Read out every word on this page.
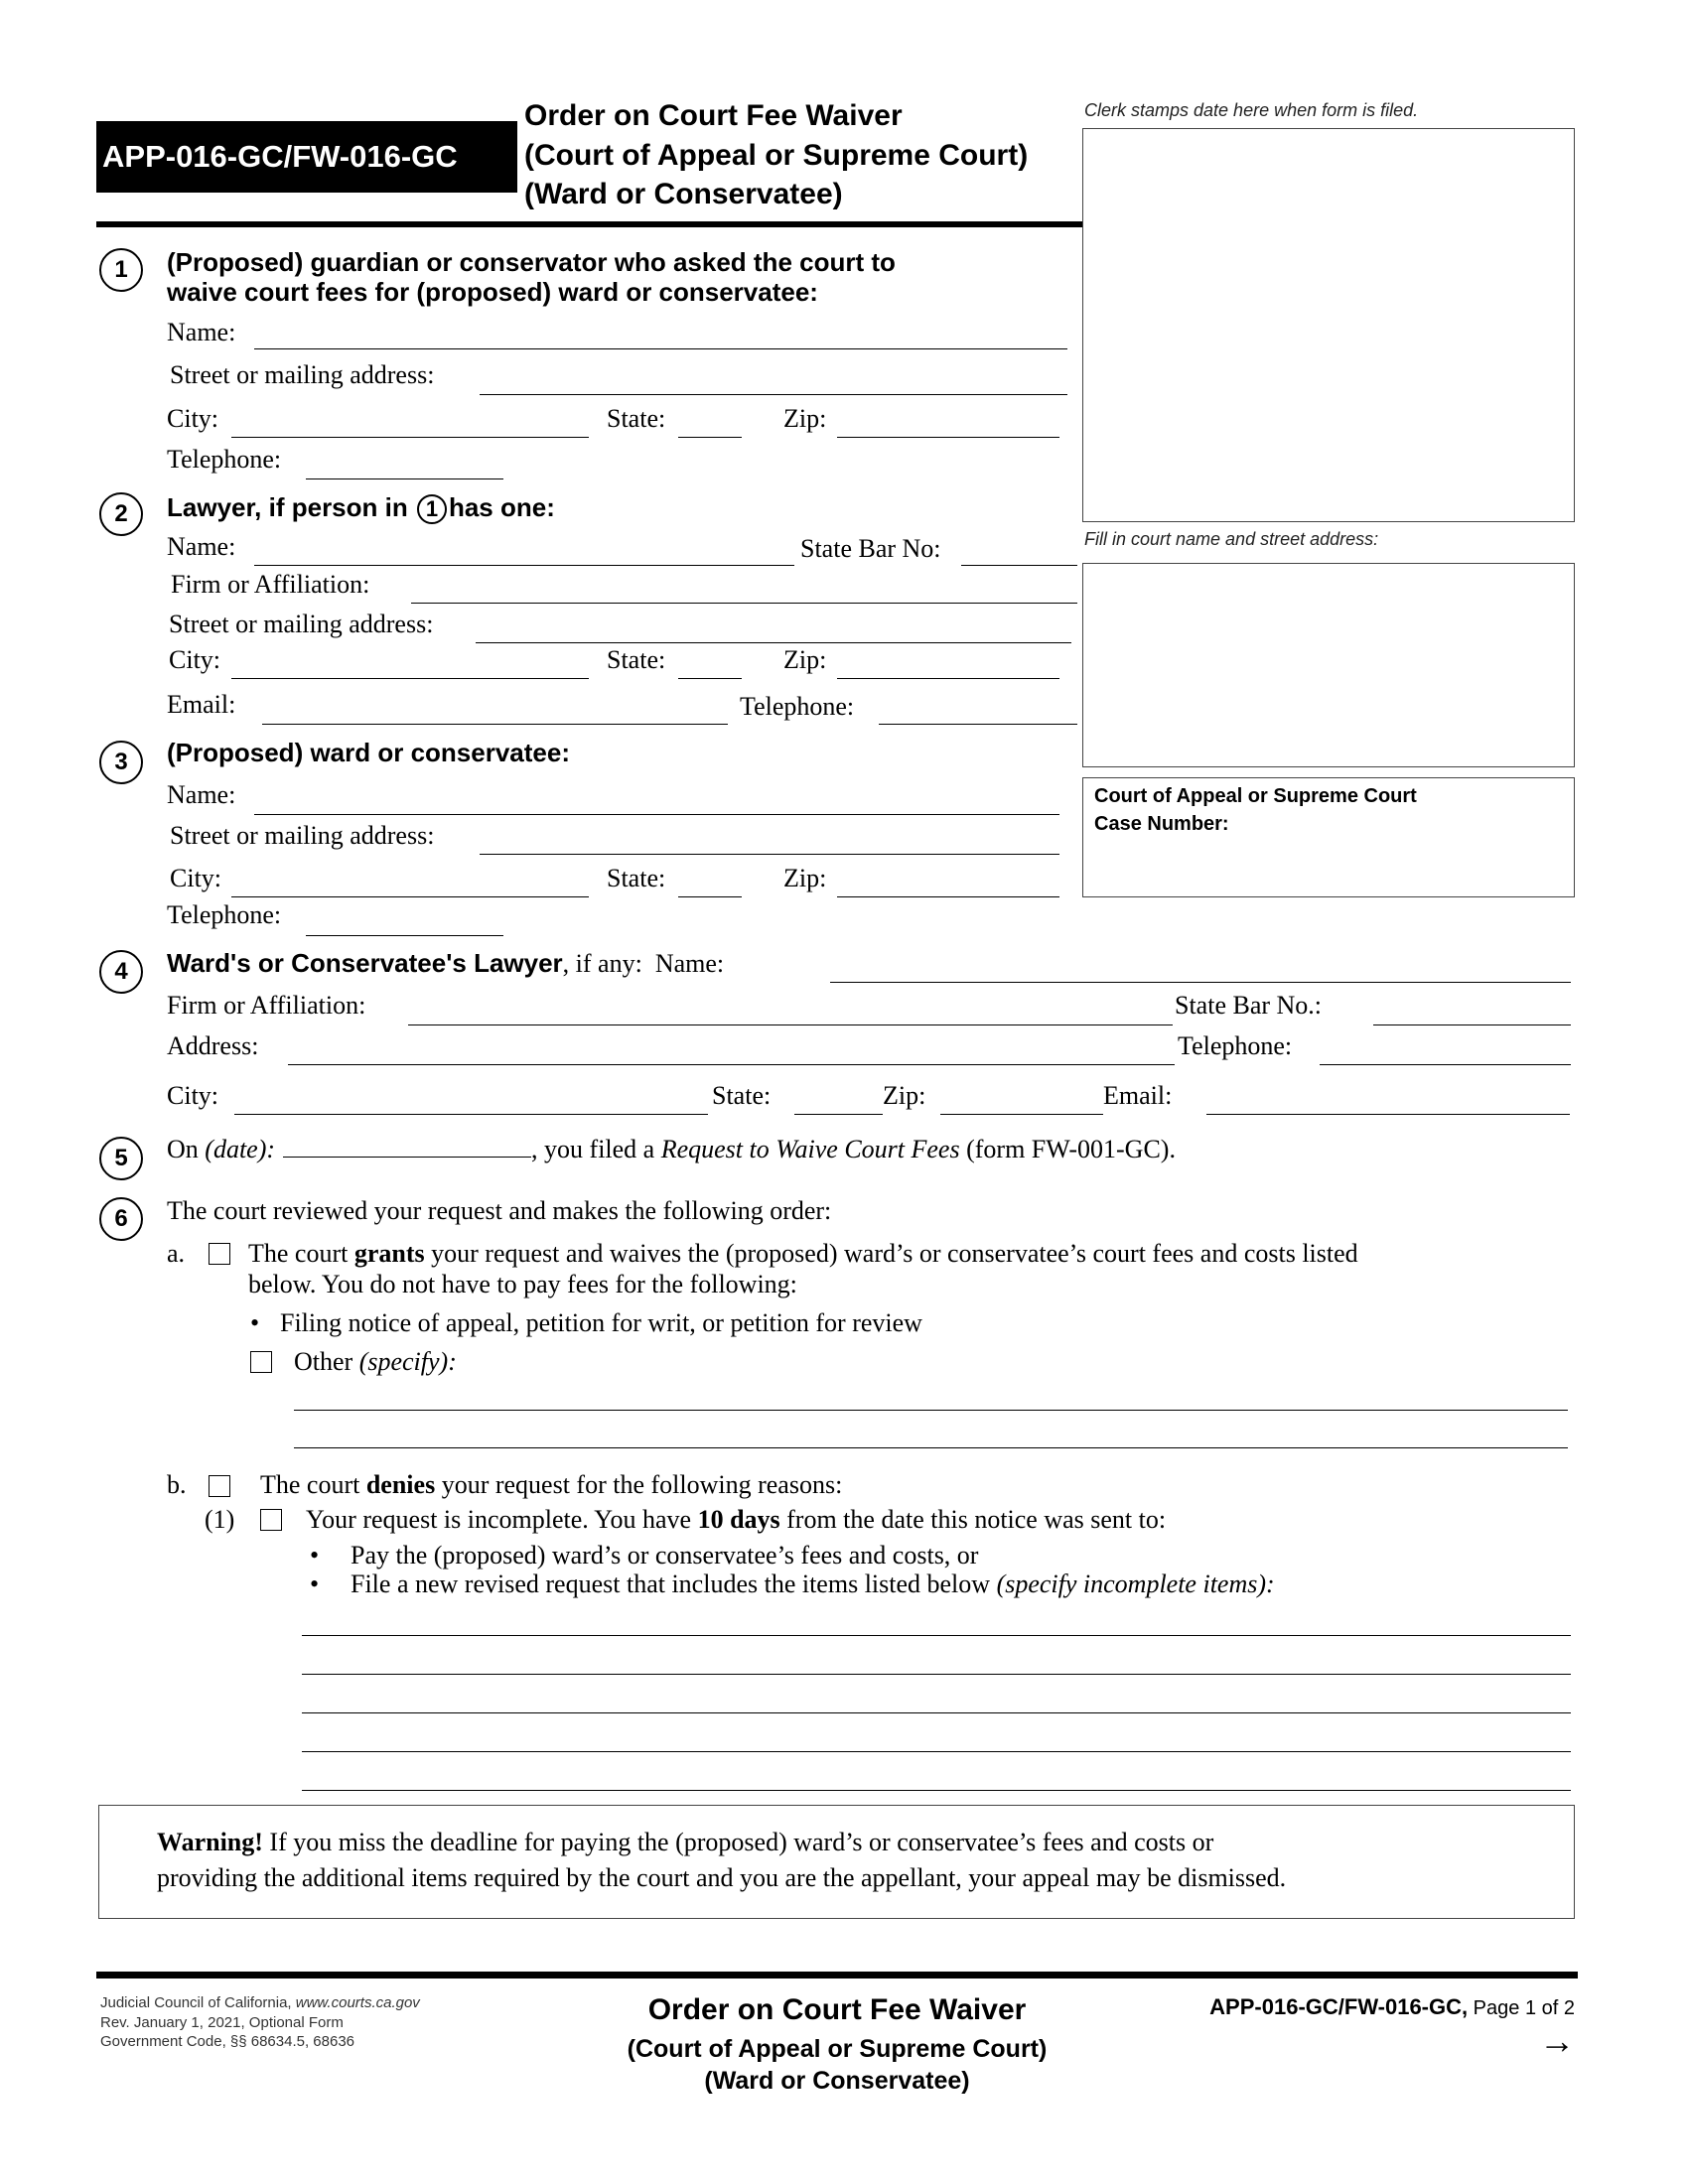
APP-016-GC/FW-016-GC
Order on Court Fee Waiver
(Court of Appeal or Supreme Court)
(Ward or Conservatee)
Clerk stamps date here when form is filed.
Fill in court name and street address:
Court of Appeal or Supreme Court
Case Number:
1	(Proposed) guardian or conservator who asked the court to
waive court fees for (proposed) ward or conservatee:
Name:
Street or mailing address:
City:	State:	Zip:
Telephone:
2	Lawyer, if person in 1 has one:
Name:	State Bar No:
Firm or Affiliation:
Street or mailing address:
City:	State:	Zip:
Email:	Telephone:
3	(Proposed) ward or conservatee:
Name:
Street or mailing address:
City:	State:	Zip:
Telephone:
4	Ward's or Conservatee's Lawyer, if any:  Name:
Firm or Affiliation:	State Bar No.:
Address:	Telephone:
City:	State:	Zip:	Email:
5	On (date):	, you filed a Request to Waive Court Fees (form FW-001-GC).
6	The court reviewed your request and makes the following order:
a. The court grants your request and waives the (proposed) ward’s or conservatee’s court fees and costs listed
below. You do not have to pay fees for the following:
• Filing notice of appeal, petition for writ, or petition for review
Other (specify):
b.	The court denies your request for the following reasons:
(1)	Your request is incomplete. You have 10 days from the date this notice was sent to:
• Pay the (proposed) ward’s or conservatee’s fees and costs, or
• File a new revised request that includes the items listed below (specify incomplete items):
Warning! If you miss the deadline for paying the (proposed) ward’s or conservatee’s fees and costs or
providing the additional items required by the court and you are the appellant, your appeal may be dismissed.
Judicial Council of California, www.courts.ca.gov
Rev. January 1, 2021, Optional Form
Government Code, §§ 68634.5, 68636
Order on Court Fee Waiver
(Court of Appeal or Supreme Court)
(Ward or Conservatee)
APP-016-GC/FW-016-GC, Page 1 of 2
→
